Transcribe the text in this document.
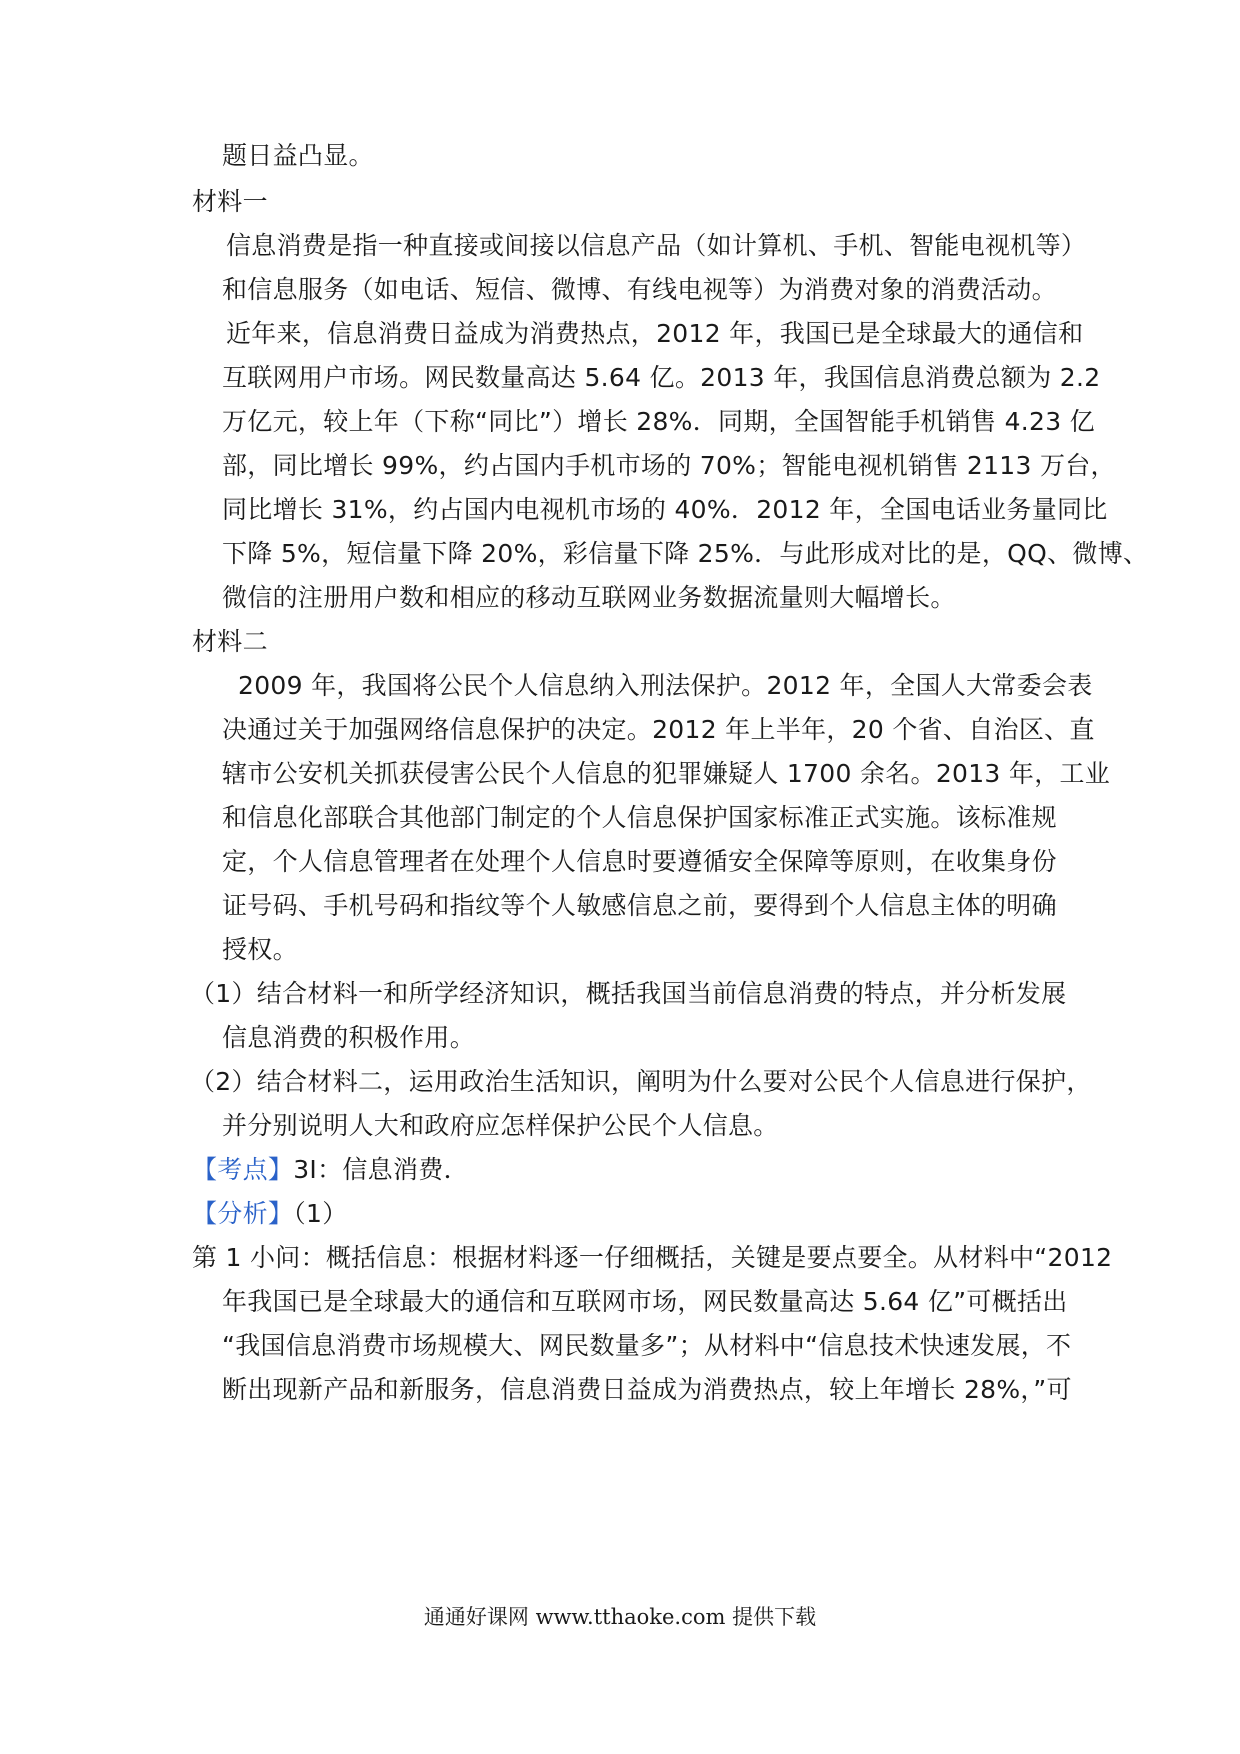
题日益凸显。
材料一
信息消费是指一种直接或间接以信息产品（如计算机、手机、智能电视机等）
和信息服务（如电话、短信、微博、有线电视等）为消费对象的消费活动。
近年来，信息消费日益成为消费热点，2012 年，我国已是全球最大的通信和
互联网用户市场。网民数量高达 5.64 亿。2013 年，我国信息消费总额为 2.2
万亿元，较上年（下称“同比”）增长 28%．同期，全国智能手机销售 4.23 亿
部，同比增长 99%，约占国内手机市场的 70%；智能电视机销售 2113 万台，
同比增长 31%，约占国内电视机市场的 40%．2012 年，全国电话业务量同比
下降 5%，短信量下降 20%，彩信量下降 25%．与此形成对比的是，QQ、微博、
微信的注册用户数和相应的移动互联网业务数据流量则大幅增长。
材料二
2009 年，我国将公民个人信息纳入刑法保护。2012 年，全国人大常委会表
决通过关于加强网络信息保护的决定。2012 年上半年，20 个省、自治区、直
辖市公安机关抓获侵害公民个人信息的犯罪嫌疑人 1700 余名。2013 年，工业
和信息化部联合其他部门制定的个人信息保护国家标准正式实施。该标准规
定，个人信息管理者在处理个人信息时要遵循安全保障等原则，在收集身份
证号码、手机号码和指纹等个人敏感信息之前，要得到个人信息主体的明确
授权。
（1）结合材料一和所学经济知识，概括我国当前信息消费的特点，并分析发展
信息消费的积极作用。
（2）结合材料二，运用政治生活知识，阐明为什么要对公民个人信息进行保护，
并分别说明人大和政府应怎样保护公民个人信息。
【考点】3I：信息消费．
【分析】（1）
第 1 小问：概括信息：根据材料逐一仔细概括，关键是要点要全。从材料中“2012
年我国已是全球最大的通信和互联网市场，网民数量高达 5.64 亿”可概括出
“我国信息消费市场规模大、网民数量多”；从材料中“信息技术快速发展，不
断出现新产品和新服务，信息消费日益成为消费热点，较上年增长 28%，”可
通通好课网 www.tthaoke.com 提供下载
